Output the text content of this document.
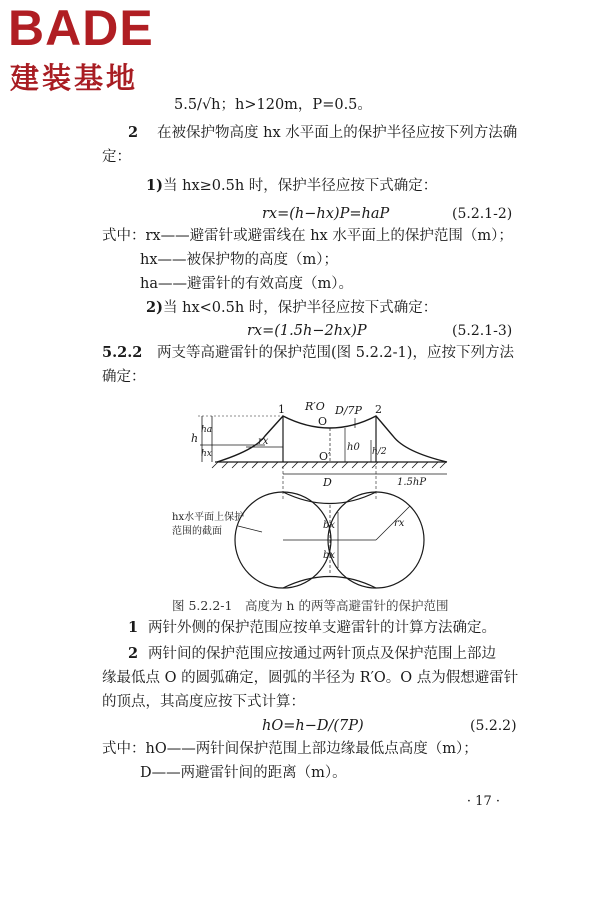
BADE
建装基地
5.5/√h；h>120m，P=0.5。
2 在被保护物高度 hx 水平面上的保护半径应按下列方法确
定：
1) 当 hx≥0.5h 时，保护半径应按下式确定：
rx=(h−hx)P=haP	(5.2.1-2)
式中：rx——避雷针或避雷线在 hx 水平面上的保护范围（m）；
hx——被保护物的高度（m）；
ha——避雷针的有效高度（m）。
2) 当 hx<0.5h 时，保护半径应按下式确定：
rx=(1.5h−2hx)P	(5.2.1-3)
5.2.2 两支等高避雷针的保护范围(图 5.2.2-1)，应按下列方法
确定：
1	2
R′O D/7P
O
O′
h
ha
hx
h0 h/2
rx
D	1.5hP
bx
bx
rx
hx水平面上保护
范围的截面
图 5.2.2-1　高度为 h 的两等高避雷针的保护范围
1 两针外侧的保护范围应按单支避雷针的计算方法确定。
2 两针间的保护范围应按通过两针顶点及保护范围上部边
缘最低点 O 的圆弧确定，圆弧的半径为 R′O。O 点为假想避雷针
的顶点，其高度应按下式计算：
hO=h−D/(7P)	(5.2.2)
式中：hO——两针间保护范围上部边缘最低点高度（m）；
D——两避雷针间的距离（m）。
· 17 ·
